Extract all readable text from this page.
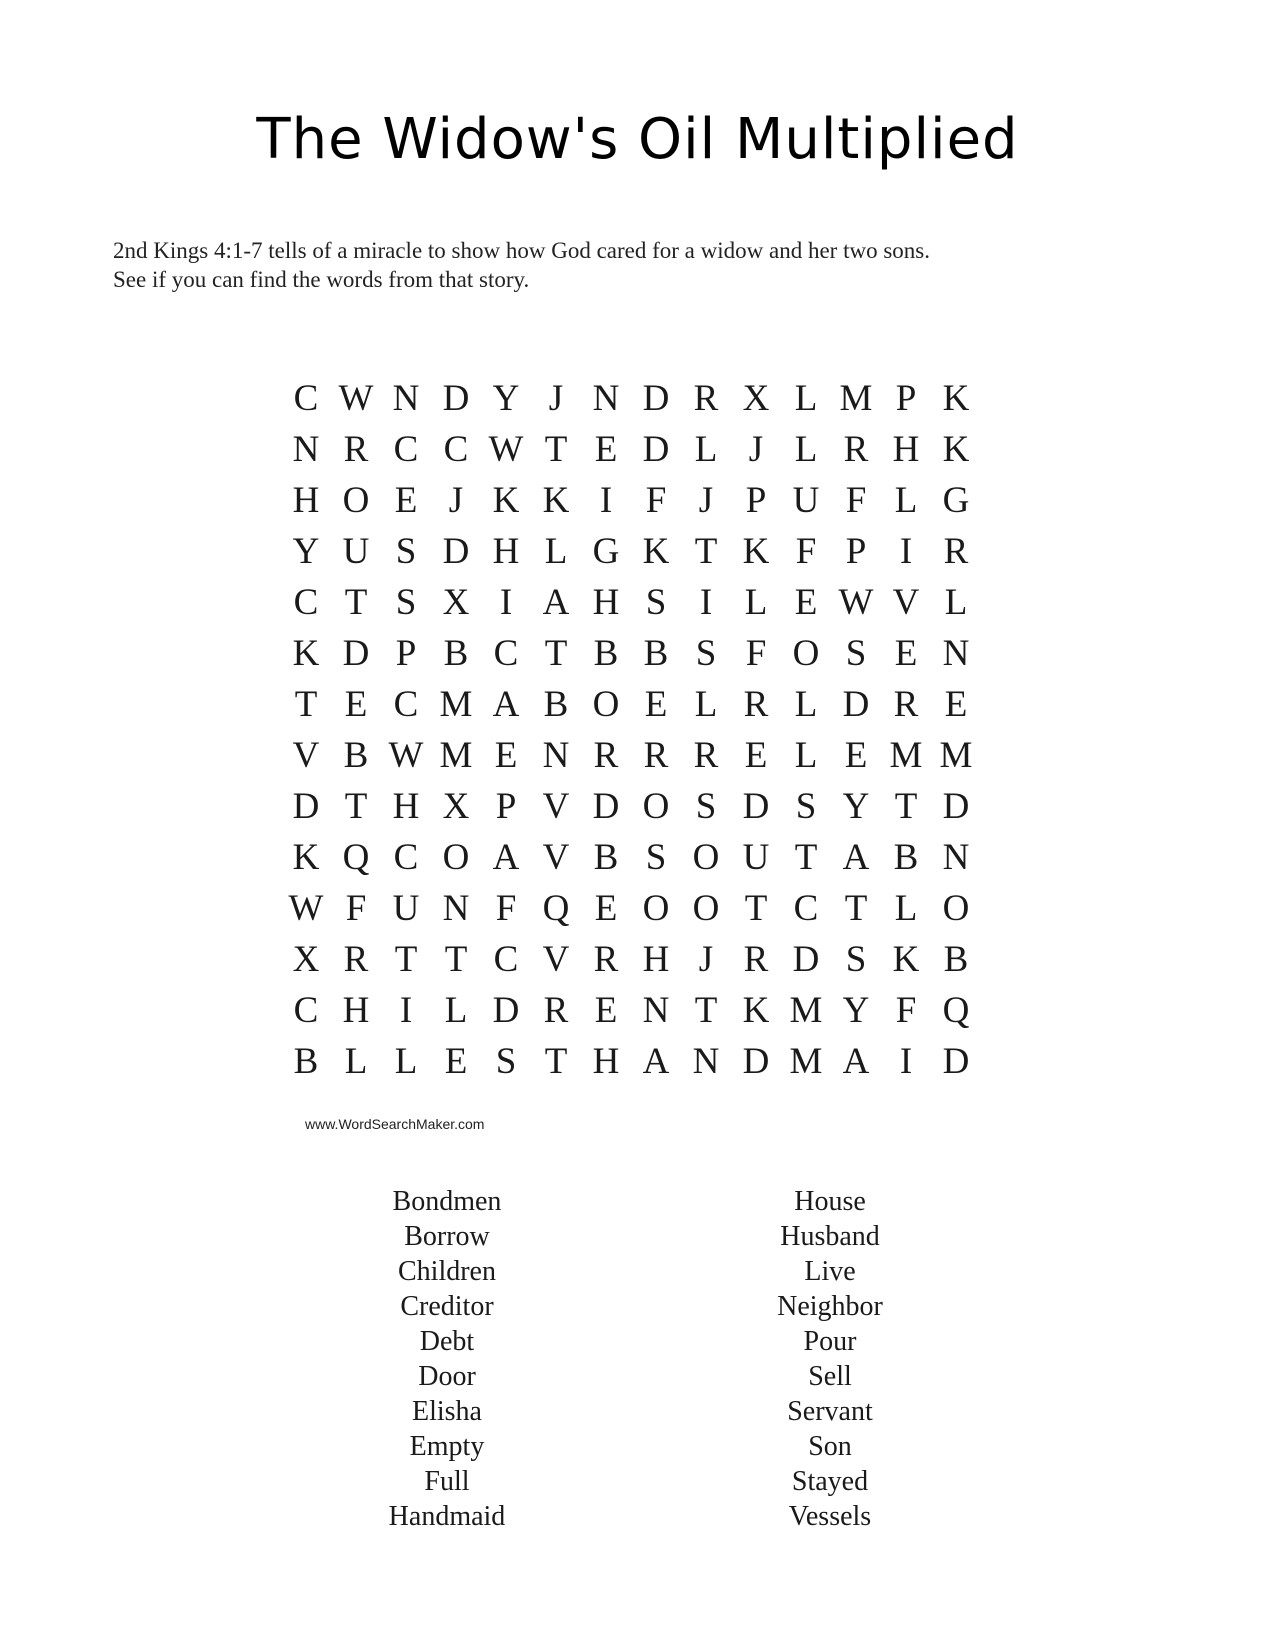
The Widow's Oil Multiplied
2nd Kings 4:1-7 tells of a miracle to show how God cared for a widow and her two sons.
See if you can find the words from that story.
C W N D Y J N D R X L M P K
N R C C W T E D L J L R H K
H O E J K K I F J P U F L G
Y U S D H L G K T K F P I R
C T S X I A H S I L E W V L
K D P B C T B B S F O S E N
T E C M A B O E L R L D R E
V B W M E N R R R E L E M M
D T H X P V D O S D S Y T D
K Q C O A V B S O U T A B N
W F U N F Q E O O T C T L O
X R T T C V R H J R D S K B
C H I L D R E N T K M Y F Q
B L L E S T H A N D M A I D
www.WordSearchMaker.com
Bondmen
Borrow
Children
Creditor
Debt
Door
Elisha
Empty
Full
Handmaid
House
Husband
Live
Neighbor
Pour
Sell
Servant
Son
Stayed
Vessels
